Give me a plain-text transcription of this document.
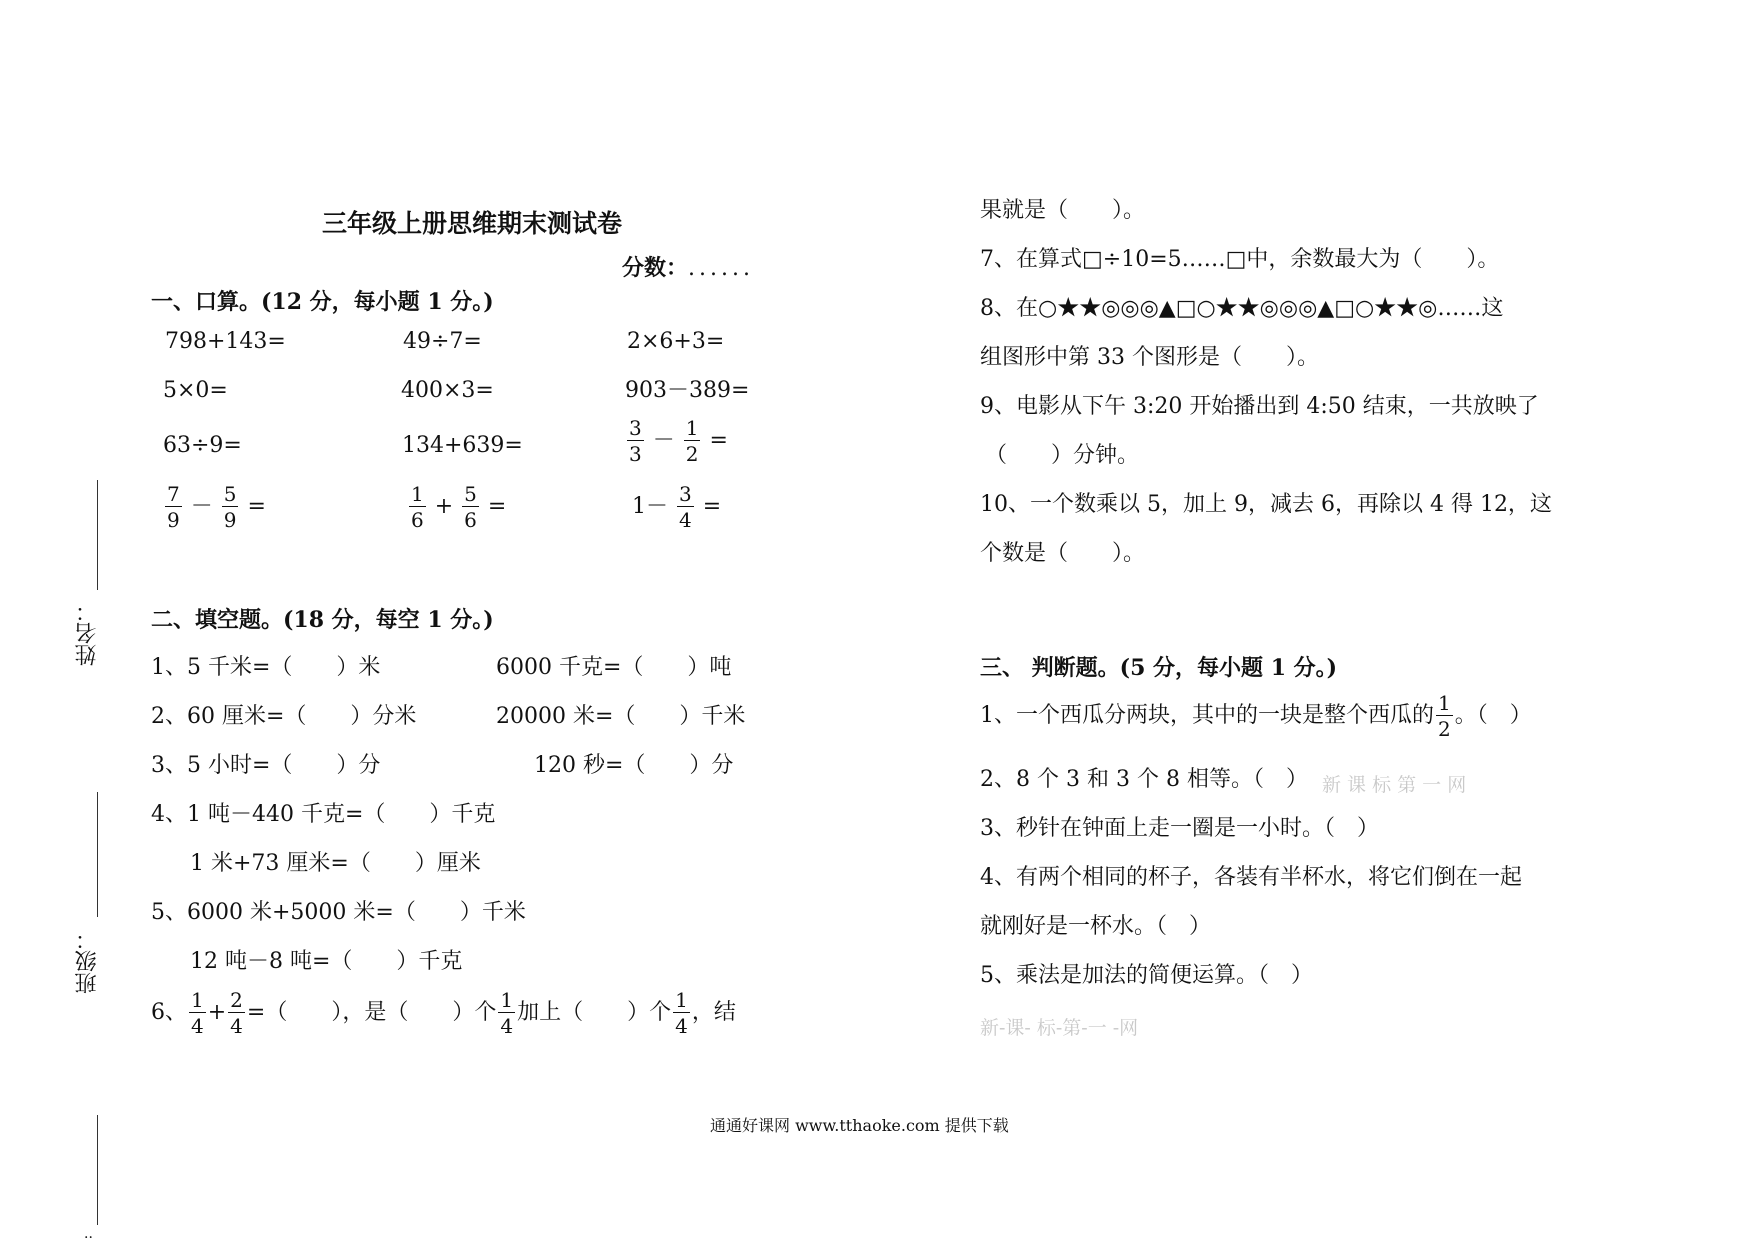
姓名：
班级：
··
三年级上册思维期末测试卷
分数：......
一、口算。(12 分，每小题 1 分。)
798+143=	49÷7=	2×6+3=
5×0=	400×3=	903－389=
63÷9=	134+639=	$\frac{3}{3} - \frac{1}{2}$ =
$\frac{7}{9} - \frac{5}{9}$ =	$\frac{1}{6} + \frac{5}{6}$ =	$1- \frac{3}{4}$ =
二、填空题。(18 分，每空 1 分。)
1、5 千米=（　　）米	6000 千克=（　　）吨
2、60 厘米=（　　）分米	20000 米=（　　）千米
3、5 小时=（　　）分	120 秒=（　　）分
4、1 吨－440 千克=（　　）千克
1 米+73 厘米=（　　）厘米
5、6000 米+5000 米=（　　）千米
12 吨－8 吨=（　　）千克
6、 $\frac{1}{4} + \frac{2}{4}$ =（　　），是（　　）个 $\frac{1}{4}$ 加上（　　）个 $\frac{1}{4}$ ，结
果就是（　　）。
7、在算式□÷10=5……□中，余数最大为（　　）。
8、在○★★◎◎◎▲□○★★◎◎◎▲□○★★◎……这
组图形中第 33 个图形是（　　）。
9、电影从下午 3:20 开始播出到 4:50 结束，一共放映了
（　　）分钟。
10、一个数乘以 5，加上 9，减去 6，再除以 4 得 12，这
个数是（　　）。
三、 判断题。(5 分，每小题 1 分。)
1、一个西瓜分两块，其中的一块是整个西瓜的 $\frac{1}{2}$ 。（　）
2、8 个 3 和 3 个 8 相等。（　） 新 课 标 第 一 网
3、秒针在钟面上走一圈是一小时。（　）
4、有两个相同的杯子，各装有半杯水，将它们倒在一起
就刚好是一杯水。（　）
5、乘法是加法的简便运算。（　）
新-课- 标-第-一 -网
通通好课网 www.tthaoke.com 提供下载
